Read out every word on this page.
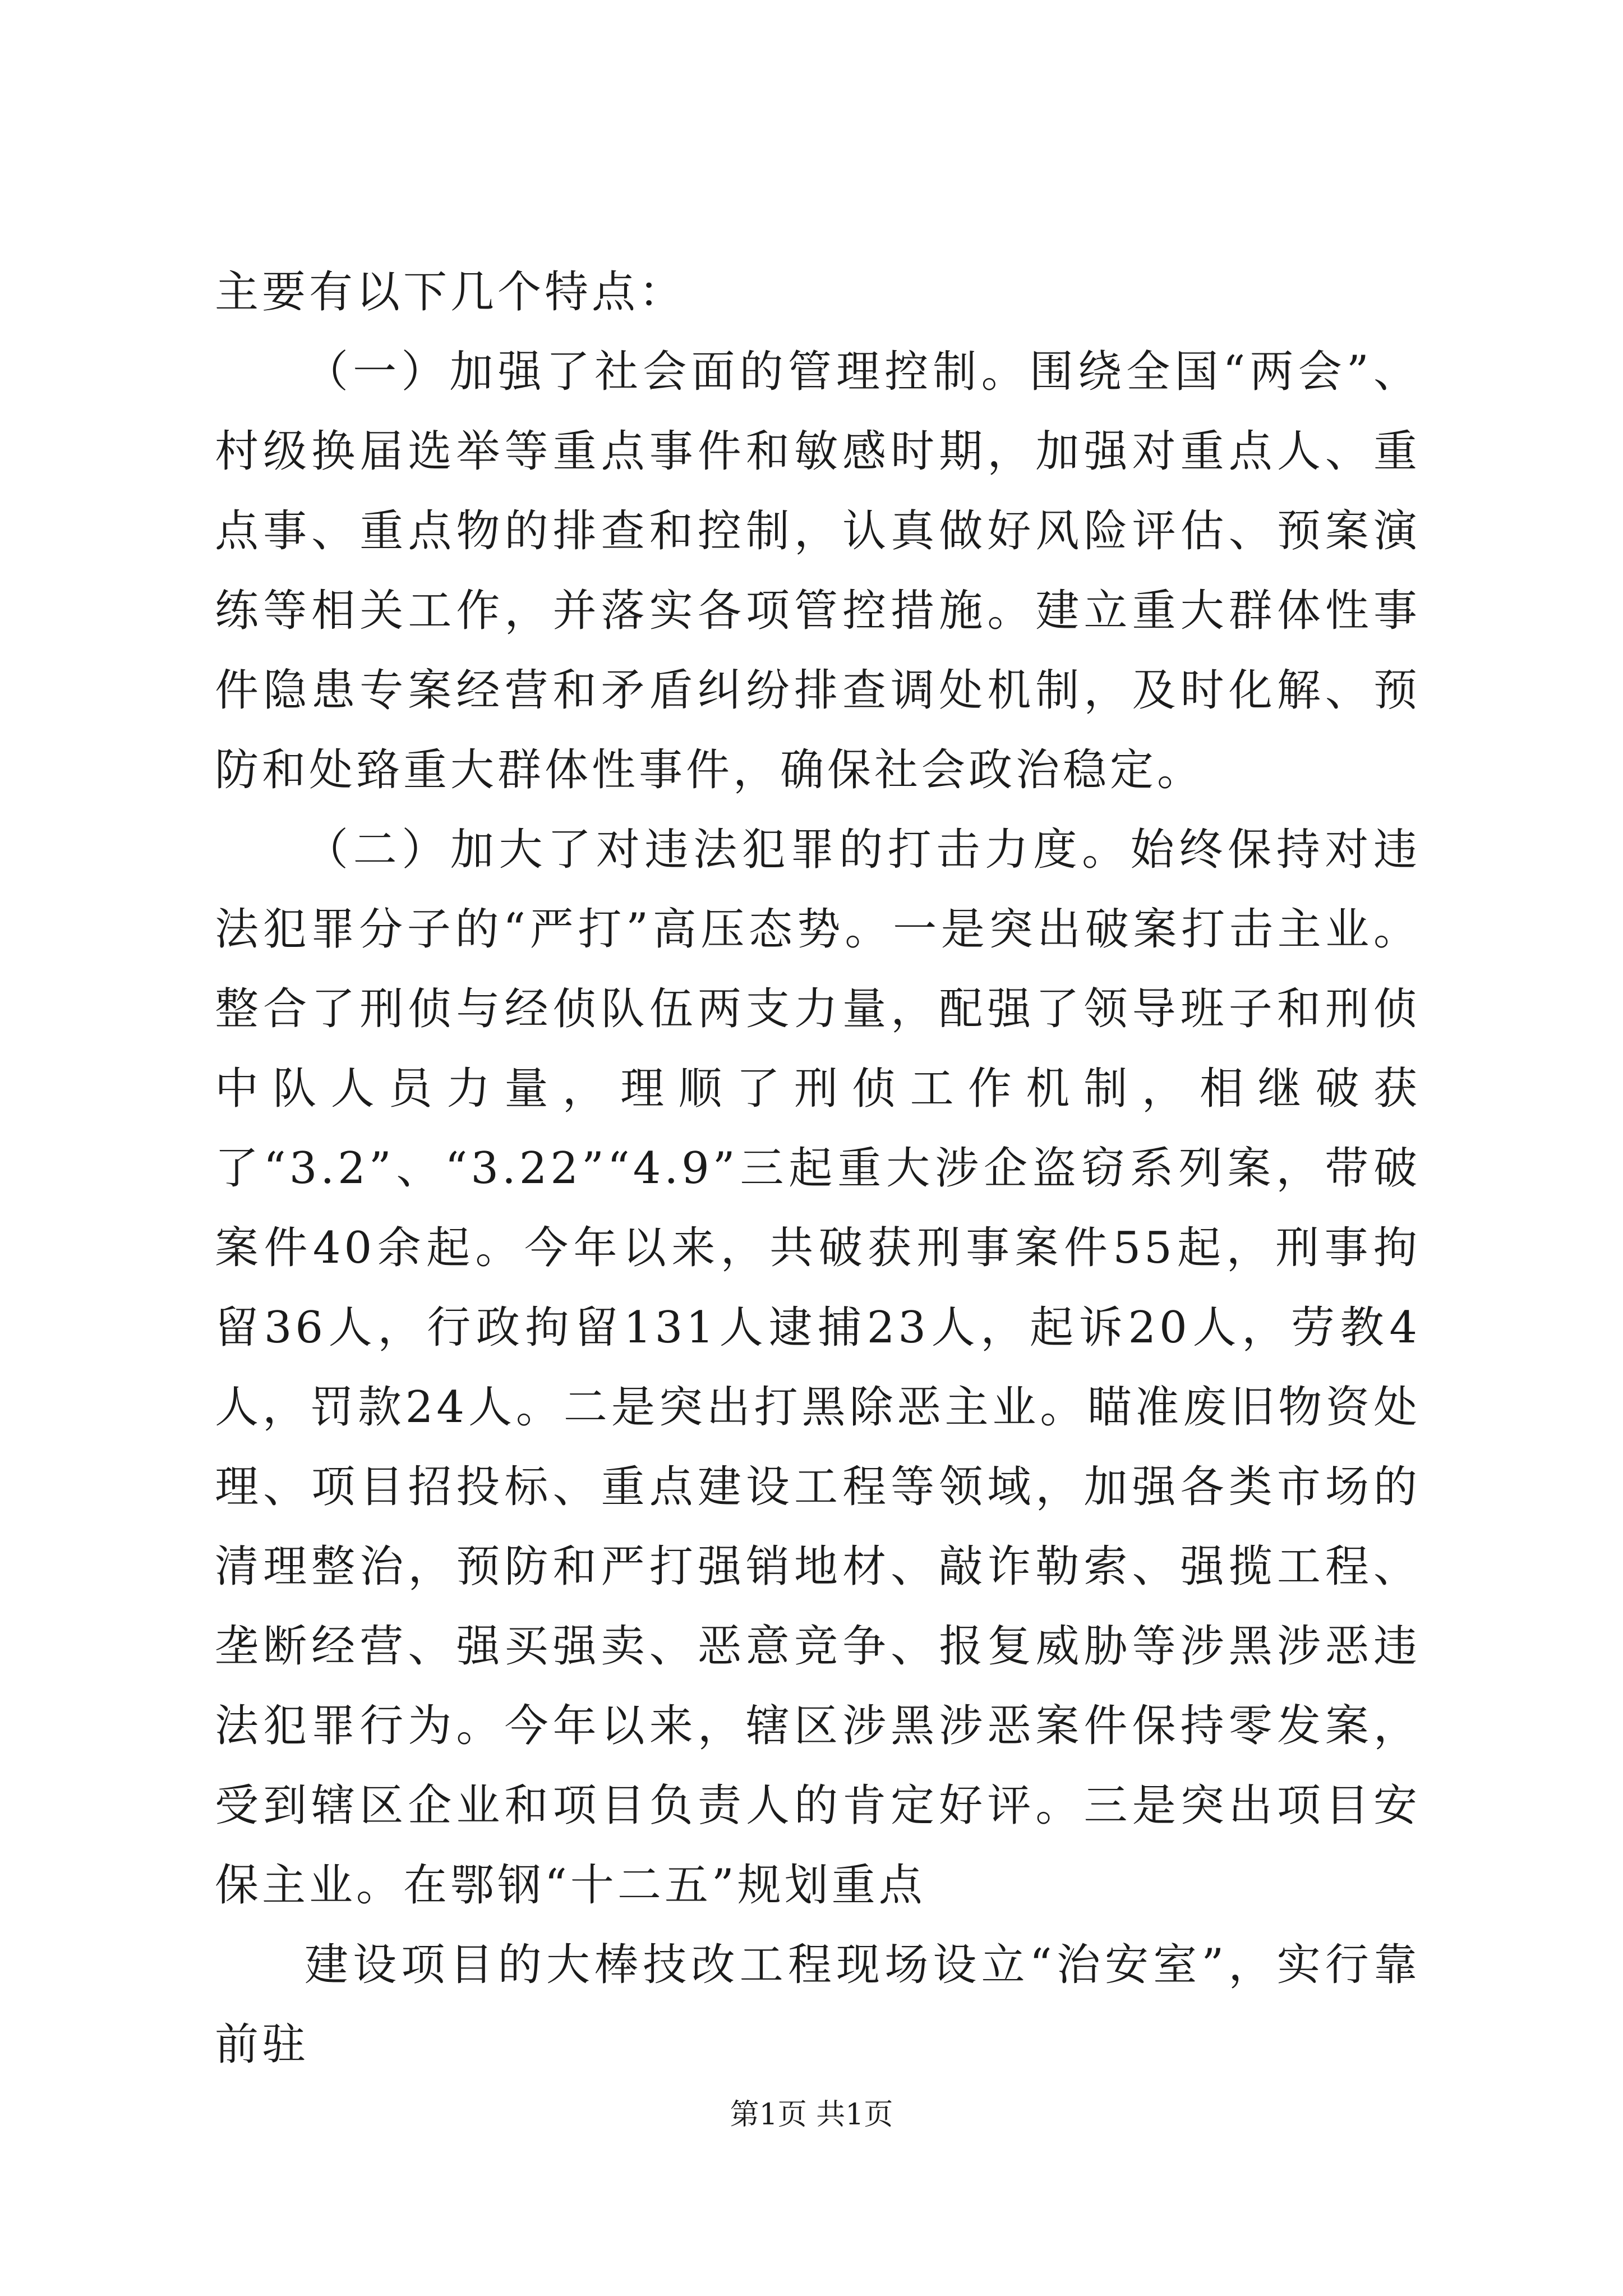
主要有以下几个特点：

（一）加强了社会面的管理控制。围绕全国“两会”、村级换届选举等重点事件和敏感时期，加强对重点人、重点事、重点物的排查和控制，认真做好风险评估、预案演练等相关工作，并落实各项管控措施。建立重大群体性事件隐患专案经营和矛盾纠纷排查调处机制，及时化解、预防和处臵重大群体性事件，确保社会政治稳定。

（二）加大了对违法犯罪的打击力度。始终保持对违法犯罪分子的“严打”高压态势。一是突出破案打击主业。整合了刑侦与经侦队伍两支力量，配强了领导班子和刑侦中队人员力量，理顺了刑侦工作机制，相继破获了“3.2”、“3.22”“4.9”三起重大涉企盗窃系列案，带破案件40余起。今年以来，共破获刑事案件55起，刑事拘留36人，行政拘留131人逮捕23人，起诉20人，劳教4人，罚款24人。二是突出打黑除恶主业。瞄准废旧物资处理、项目招投标、重点建设工程等领域，加强各类市场的清理整治，预防和严打强销地材、敲诈勒索、强揽工程、垄断经营、强买强卖、恶意竞争、报复威胁等涉黑涉恶违法犯罪行为。今年以来，辖区涉黑涉恶案件保持零发案，受到辖区企业和项目负责人的肯定好评。三是突出项目安保主业。在鄂钢“十二五”规划重点

建设项目的大棒技改工程现场设立“治安室”，实行靠前驻

第1页 共1页
